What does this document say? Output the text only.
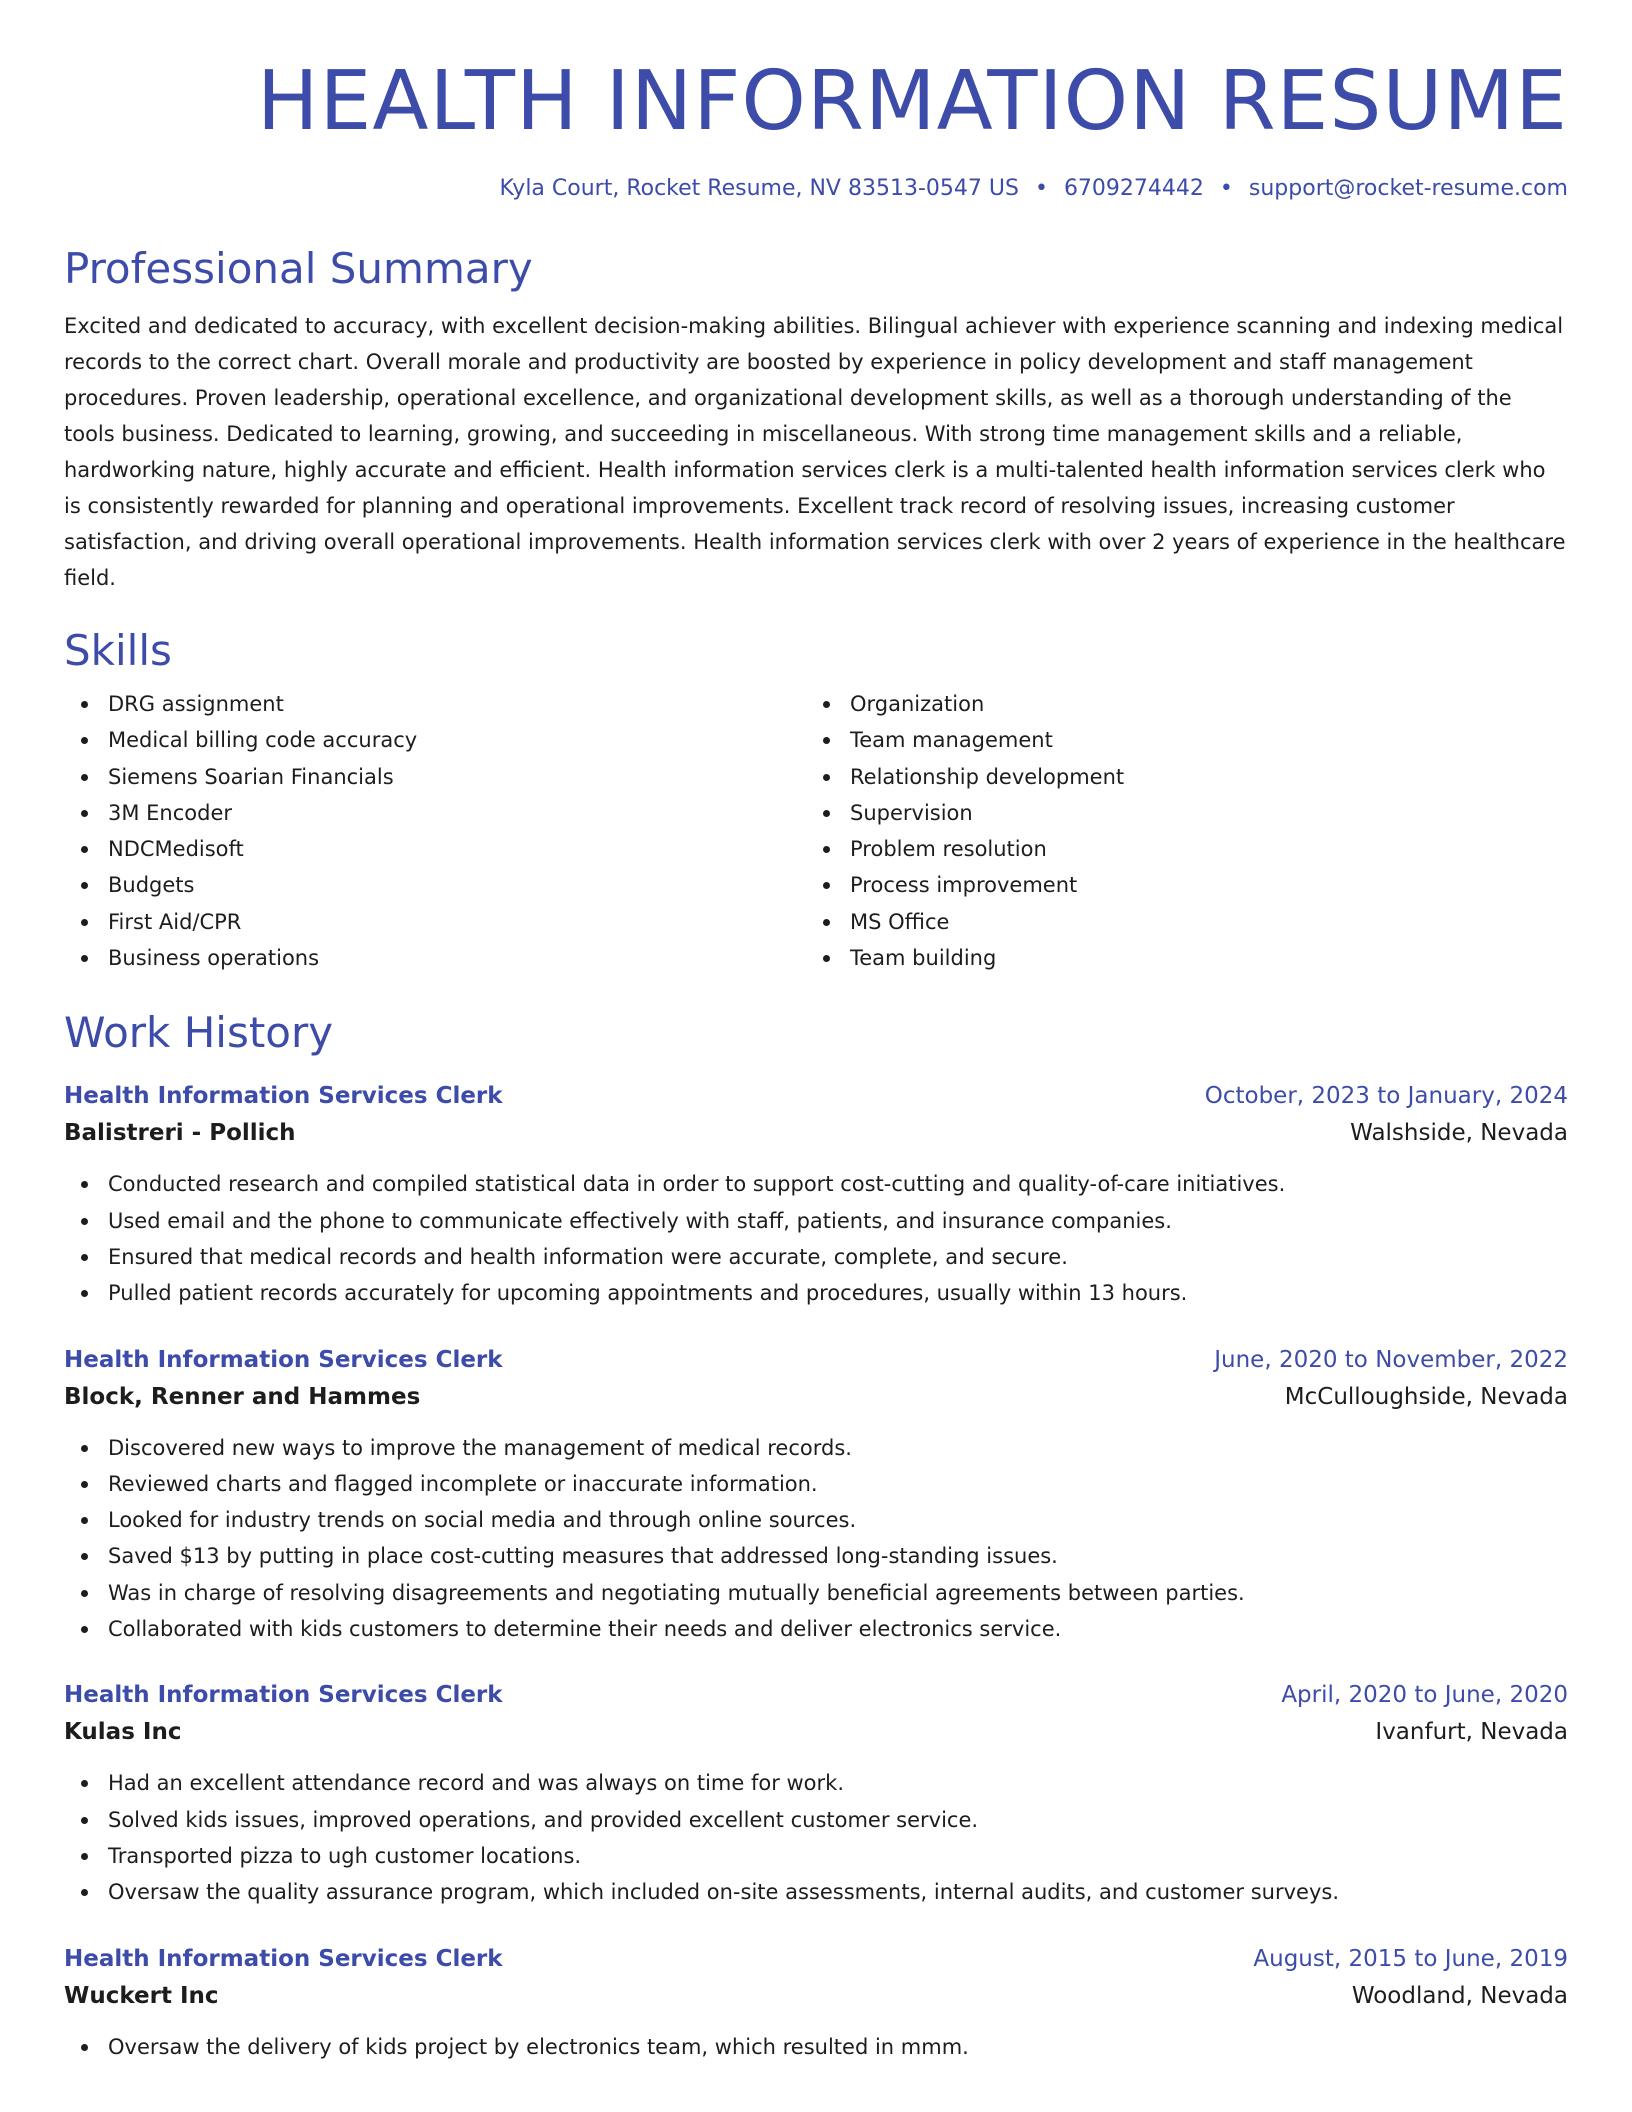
HEALTH INFORMATION RESUME
Kyla Court, Rocket Resume, NV 83513-0547 US • 6709274442 • support@rocket-resume.com
Professional Summary

Excited and dedicated to accuracy, with excellent decision-making abilities. Bilingual achiever with experience scanning and indexing medical records to the correct chart. Overall morale and productivity are boosted by experience in policy development and staff management procedures. Proven leadership, operational excellence, and organizational development skills, as well as a thorough understanding of the tools business. Dedicated to learning, growing, and succeeding in miscellaneous. With strong time management skills and a reliable, hardworking nature, highly accurate and efficient. Health information services clerk is a multi-talented health information services clerk who is consistently rewarded for planning and operational improvements. Excellent track record of resolving issues, increasing customer satisfaction, and driving overall operational improvements. Health information services clerk with over 2 years of experience in the healthcare field.

Skills
DRG assignment
Medical billing code accuracy
Siemens Soarian Financials
3M Encoder
NDCMedisoft
Budgets
First Aid/CPR
Business operations
Organization
Team management
Relationship development
Supervision
Problem resolution
Process improvement
MS Office
Team building
Work History
Health Information Services Clerk	October, 2023 to January, 2024
Balistreri - Pollich	Walshside, Nevada
Conducted research and compiled statistical data in order to support cost-cutting and quality-of-care initiatives.
Used email and the phone to communicate effectively with staff, patients, and insurance companies.
Ensured that medical records and health information were accurate, complete, and secure.
Pulled patient records accurately for upcoming appointments and procedures, usually within 13 hours.
Health Information Services Clerk	June, 2020 to November, 2022
Block, Renner and Hammes	McCulloughside, Nevada
Discovered new ways to improve the management of medical records.
Reviewed charts and flagged incomplete or inaccurate information.
Looked for industry trends on social media and through online sources.
Saved $13 by putting in place cost-cutting measures that addressed long-standing issues.
Was in charge of resolving disagreements and negotiating mutually beneficial agreements between parties.
Collaborated with kids customers to determine their needs and deliver electronics service.
Health Information Services Clerk	April, 2020 to June, 2020
Kulas Inc	Ivanfurt, Nevada
Had an excellent attendance record and was always on time for work.
Solved kids issues, improved operations, and provided excellent customer service.
Transported pizza to ugh customer locations.
Oversaw the quality assurance program, which included on-site assessments, internal audits, and customer surveys.
Health Information Services Clerk	August, 2015 to June, 2019
Wuckert Inc	Woodland, Nevada
Oversaw the delivery of kids project by electronics team, which resulted in mmm.
